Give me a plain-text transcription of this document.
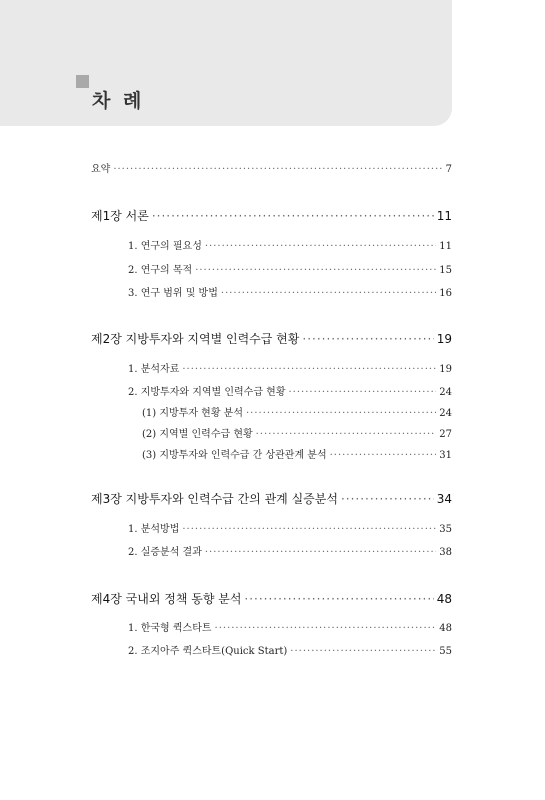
차 례
요약 ·····	7
제1장 서론 ·····	11
1. 연구의 필요성 ·····	11
2. 연구의 목적 ·····	15
3. 연구 범위 및 방법 ·····	16
제2장 지방투자와 지역별 인력수급 현황 ·····	19
1. 분석자료 ·····	19
2. 지방투자와 지역별 인력수급 현황 ·····	24
(1) 지방투자 현황 분석 ·····	24
(2) 지역별 인력수급 현황 ·····	27
(3) 지방투자와 인력수급 간 상관관계 분석 ·····	31
제3장 지방투자와 인력수급 간의 관계 실증분석 ·····	34
1. 분석방법 ·····	35
2. 실증분석 결과 ·····	38
제4장 국내외 정책 동향 분석 ·····	48
1. 한국형 퀵스타트 ·····	48
2. 조지아주 퀵스타트(Quick Start) ·····	55
